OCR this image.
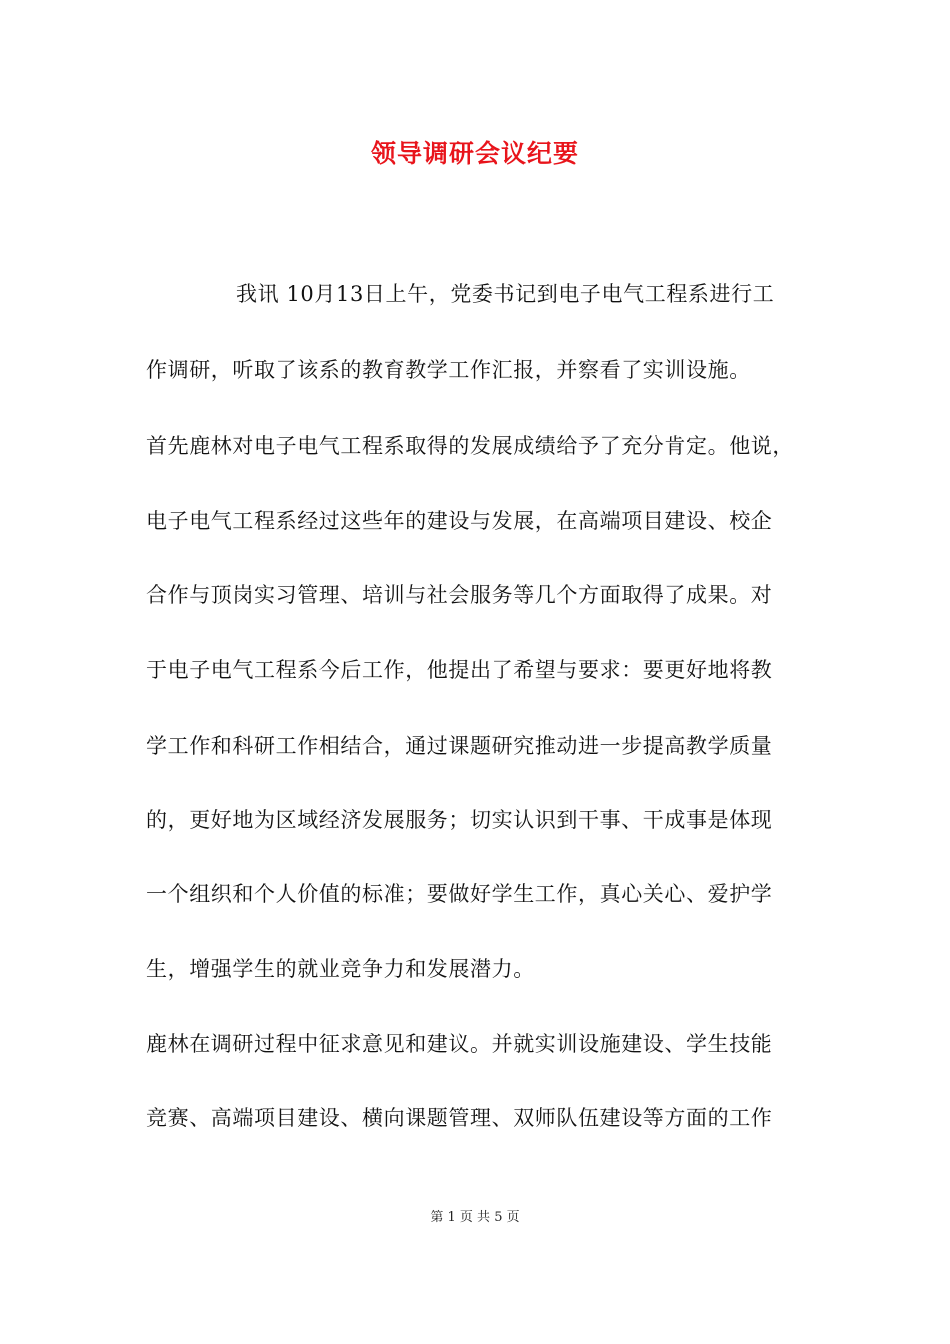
领导调研会议纪要
我讯 10月13日上午，党委书记到电子电气工程系进行工
作调研，听取了该系的教育教学工作汇报，并察看了实训设施。
首先鹿林对电子电气工程系取得的发展成绩给予了充分肯定。他说，
电子电气工程系经过这些年的建设与发展，在高端项目建设、校企
合作与顶岗实习管理、培训与社会服务等几个方面取得了成果。对
于电子电气工程系今后工作，他提出了希望与要求：要更好地将教
学工作和科研工作相结合，通过课题研究推动进一步提高教学质量
的，更好地为区域经济发展服务；切实认识到干事、干成事是体现
一个组织和个人价值的标准；要做好学生工作，真心关心、爱护学
生，增强学生的就业竞争力和发展潜力。
鹿林在调研过程中征求意见和建议。并就实训设施建设、学生技能
竞赛、高端项目建设、横向课题管理、双师队伍建设等方面的工作
第 1 页 共 5 页
